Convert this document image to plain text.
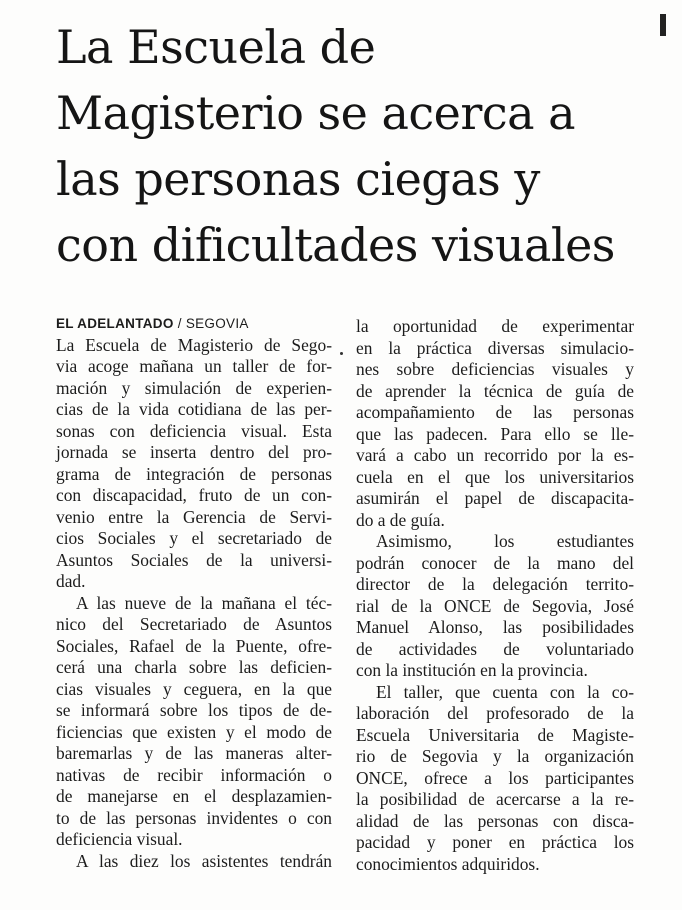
La Escuela de
Magisterio se acerca a
las personas ciegas y
con dificultades visuales
EL ADELANTADO / SEGOVIA
La Escuela de Magisterio de Sego-
via acoge mañana un taller de for-
mación y simulación de experien-
cias de la vida cotidiana de las per-
sonas con deficiencia visual. Esta
jornada se inserta dentro del pro-
grama de integración de personas
con discapacidad, fruto de un con-
venio entre la Gerencia de Servi-
cios Sociales y el secretariado de
Asuntos Sociales de la universi-
dad.
A las nueve de la mañana el téc-
nico del Secretariado de Asuntos
Sociales, Rafael de la Puente, ofre-
cerá una charla sobre las deficien-
cias visuales y ceguera, en la que
se informará sobre los tipos de de-
ficiencias que existen y el modo de
baremarlas y de las maneras alter-
nativas de recibir información o
de manejarse en el desplazamien-
to de las personas invidentes o con
deficiencia visual.
A las diez los asistentes tendrán
la oportunidad de experimentar
en la práctica diversas simulacio-
nes sobre deficiencias visuales y
de aprender la técnica de guía de
acompañamiento de las personas
que las padecen. Para ello se lle-
vará a cabo un recorrido por la es-
cuela en el que los universitarios
asumirán el papel de discapacita-
do a de guía.
Asimismo, los estudiantes
podrán conocer de la mano del
director de la delegación territo-
rial de la ONCE de Segovia, José
Manuel Alonso, las posibilidades
de actividades de voluntariado
con la institución en la provincia.
El taller, que cuenta con la co-
laboración del profesorado de la
Escuela Universitaria de Magiste-
rio de Segovia y la organización
ONCE, ofrece a los participantes
la posibilidad de acercarse a la re-
alidad de las personas con disca-
pacidad y poner en práctica los
conocimientos adquiridos.
